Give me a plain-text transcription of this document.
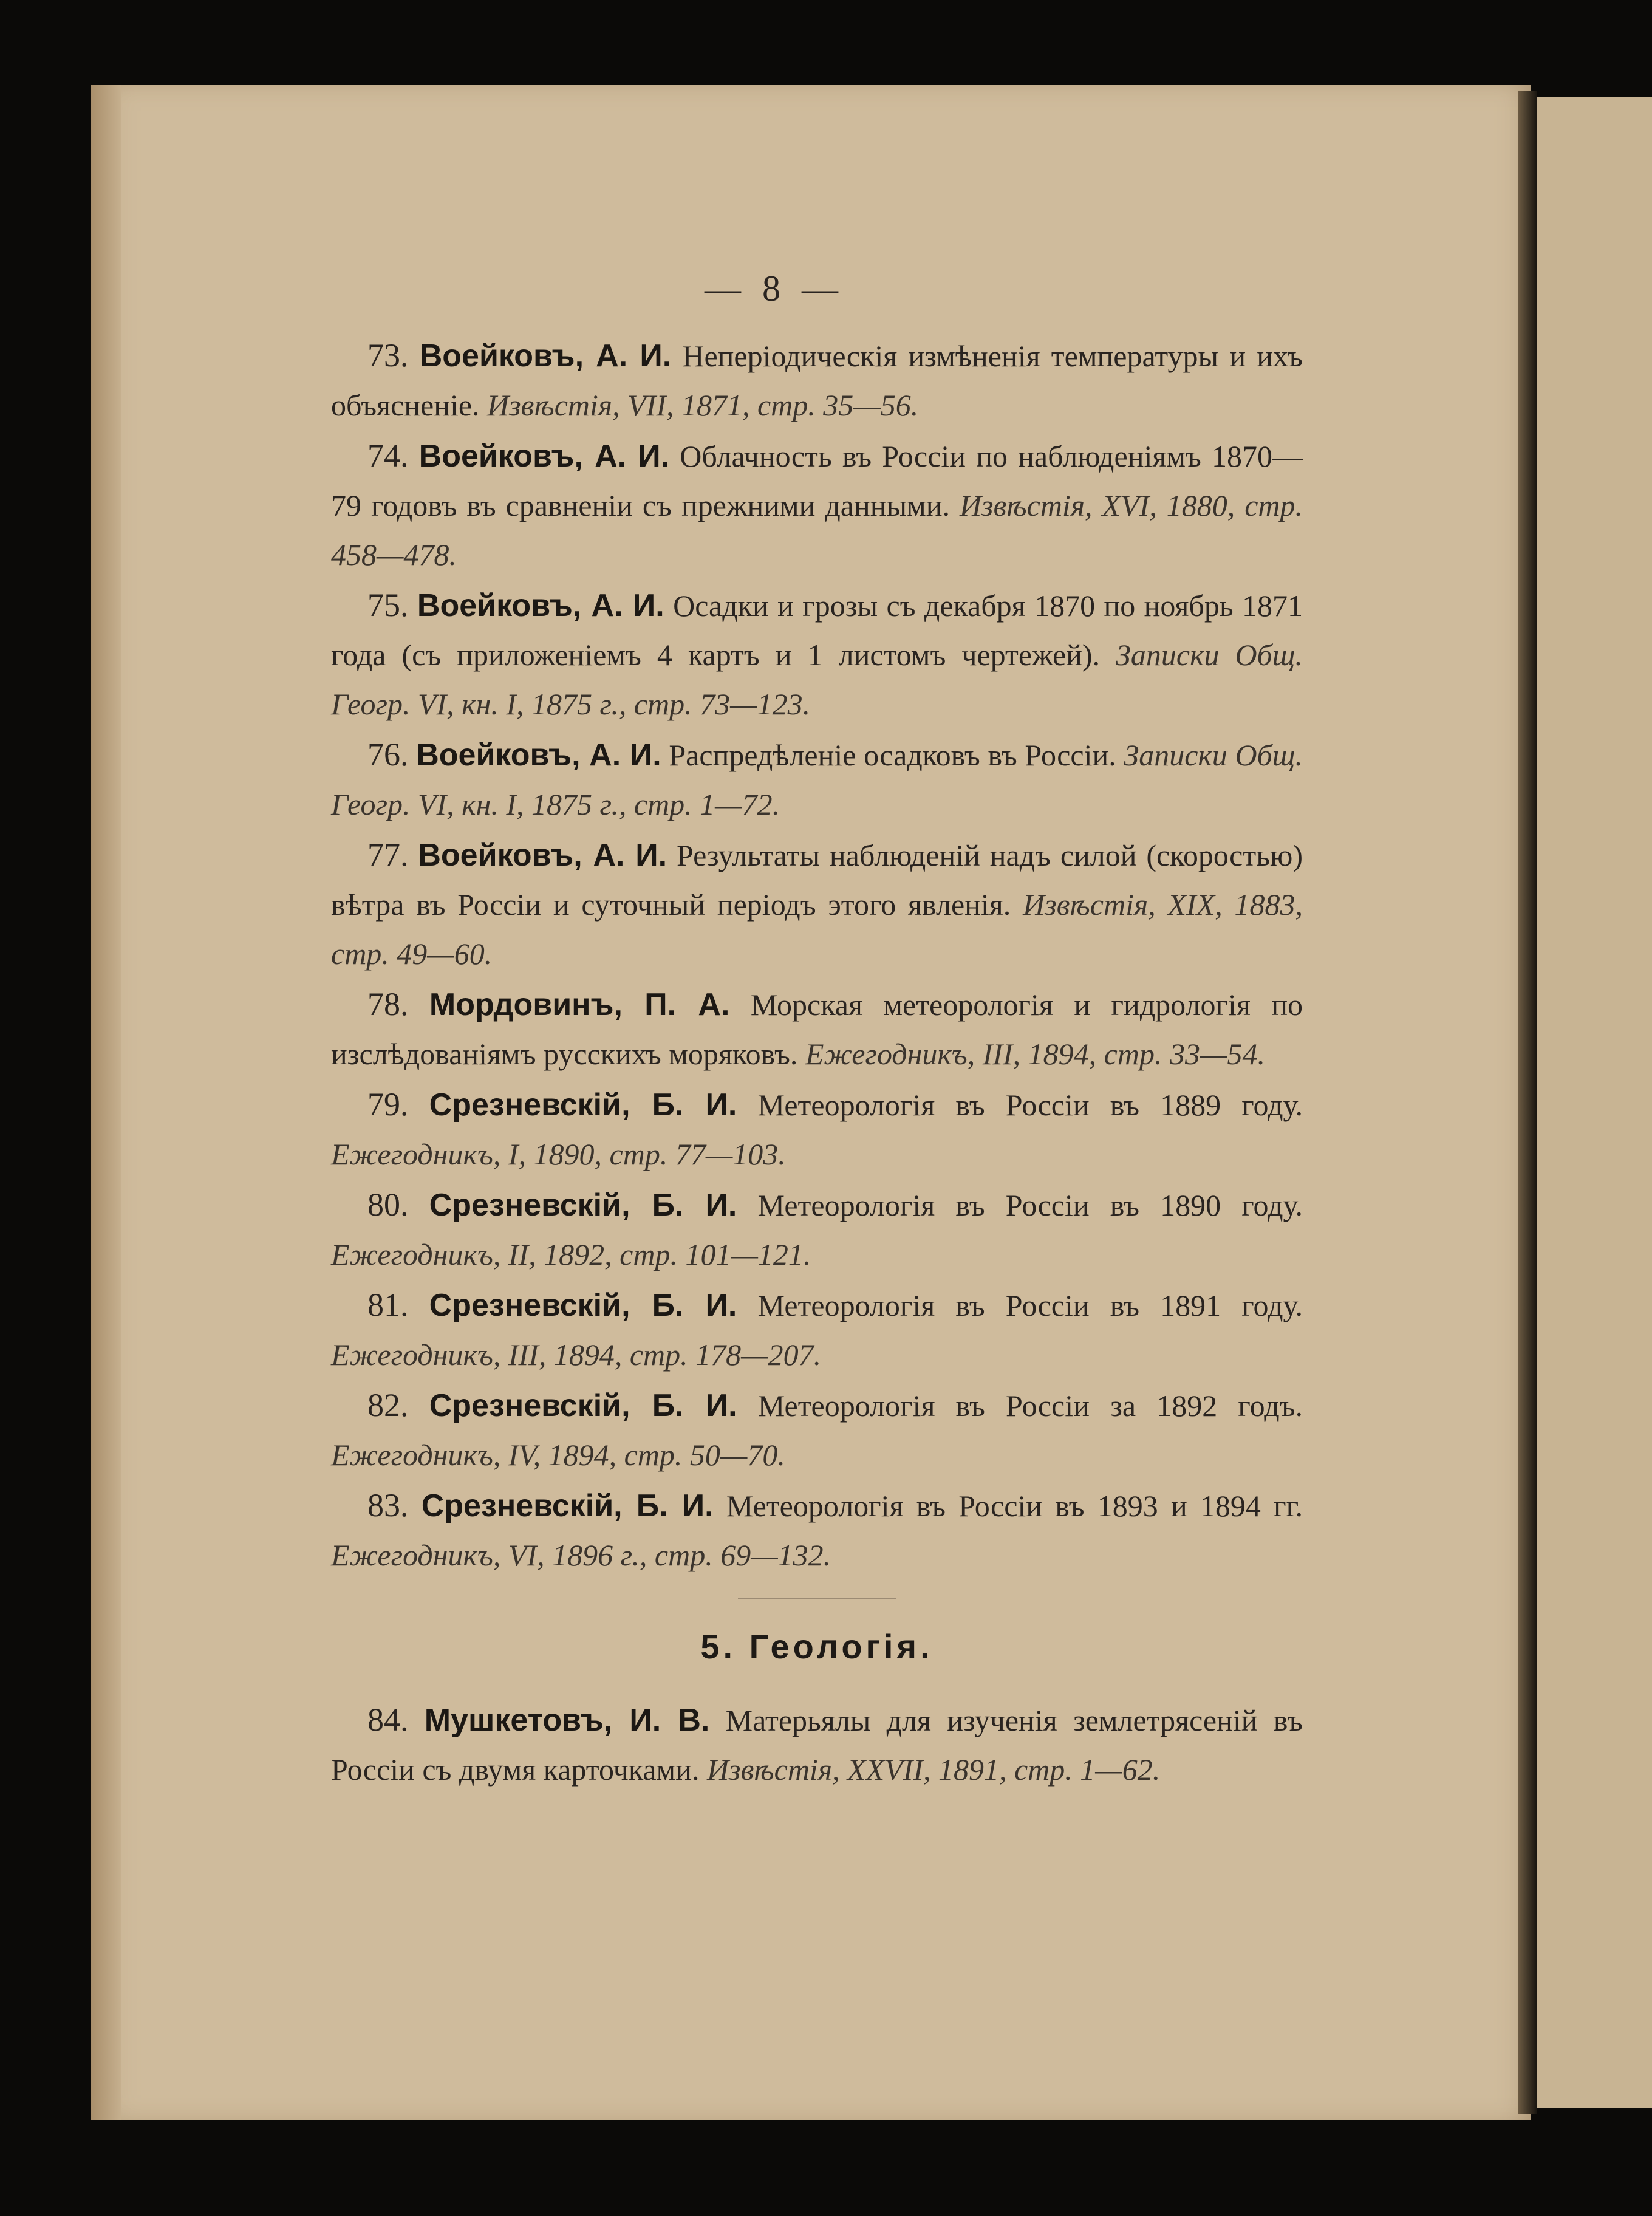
— 8 —

73. Воейковъ, А. И. Непеpiодическiя измѣненiя температуры и ихъ объясненiе. Извѣстiя, VII, 1871, стр. 35—56.

74. Воейковъ, А. И. Облачность въ Россiи по наблюденiямъ 1870—79 годовъ въ сравненiи съ прежними данными. Извѣстiя, XVI, 1880, стр. 458—478.

75. Воейковъ, А. И. Осадки и грозы съ декабря 1870 по ноябрь 1871 года (съ приложенiемъ 4 картъ и 1 листомъ чертежей). Записки Общ. Геогр. VI, кн. I, 1875 г., стр. 73—123.

76. Воейковъ, А. И. Распредѣленiе осадковъ въ Россiи. Записки Общ. Геогр. VI, кн. I, 1875 г., стр. 1—72.

77. Воейковъ, А. И. Результаты наблюденiй надъ силой (скоростью) вѣтра въ Россiи и суточный перiодъ этого явленiя. Извѣстiя, XIX, 1883, стр. 49—60.

78. Мордовинъ, П. А. Морская метеорологiя и гидрологiя по изслѣдованiямъ русскихъ моряковъ. Ежегодникъ, III, 1894, стр. 33—54.

79. Срезневскiй, Б. И. Метеорологiя въ Россiи въ 1889 году. Ежегодникъ, I, 1890, стр. 77—103.

80. Срезневскiй, Б. И. Метеорологiя въ Россiи въ 1890 году. Ежегодникъ, II, 1892, стр. 101—121.

81. Срезневскiй, Б. И. Метеорологiя въ Россiи въ 1891 году. Ежегодникъ, III, 1894, стр. 178—207.

82. Срезневскiй, Б. И. Метеорологiя въ Россiи за 1892 годъ. Ежегодникъ, IV, 1894, стр. 50—70.

83. Срезневскiй, Б. И. Метеорологiя въ Россiи въ 1893 и 1894 гг. Ежегодникъ, VI, 1896 г., стр. 69—132.

5. Геологiя.

84. Мушкетовъ, И. В. Матерьялы для изученiя землетрясенiй въ Россiи съ двумя карточками. Извѣстiя, XXVII, 1891, стр. 1—62.
